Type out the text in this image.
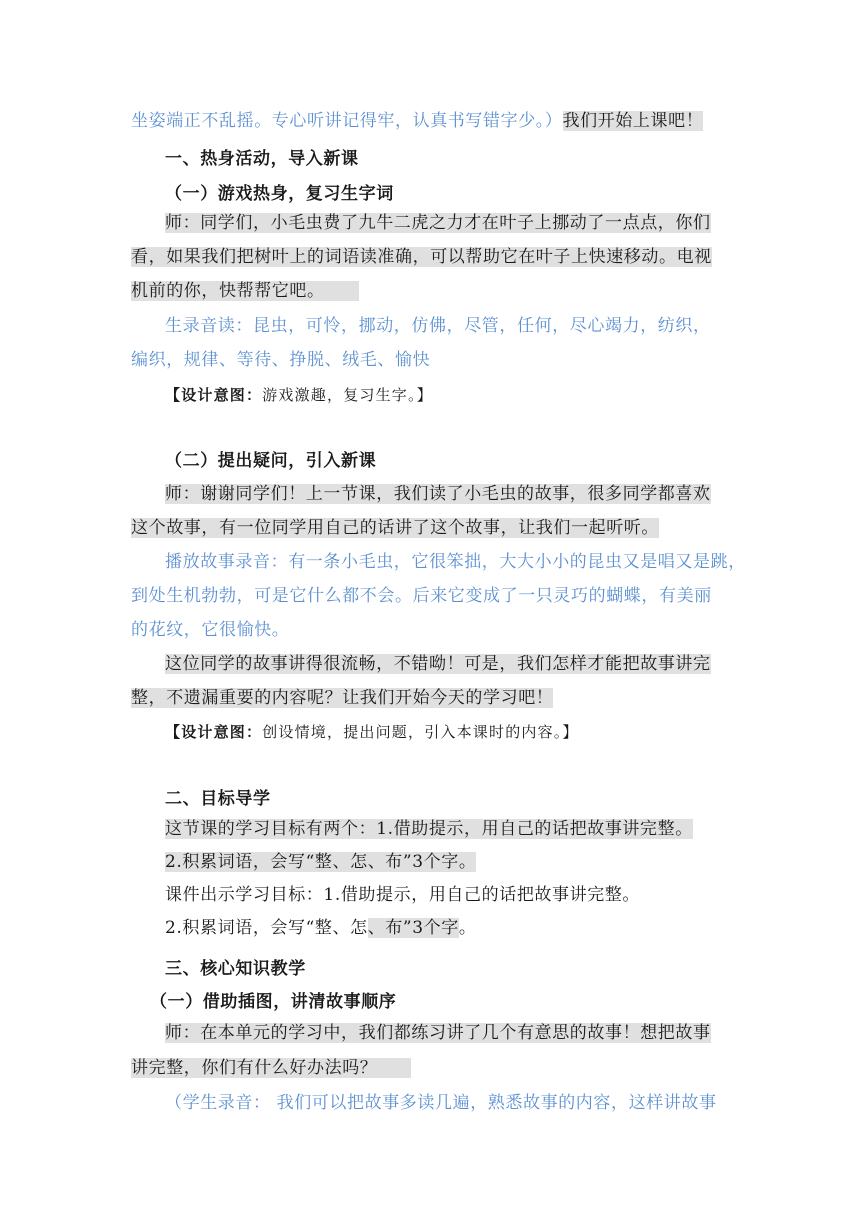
坐姿端正不乱摇。专心听讲记得牢，认真书写错字少。）我们开始上课吧！
一、热身活动，导入新课
（一）游戏热身，复习生字词
师：同学们，小毛虫费了九牛二虎之力才在叶子上挪动了一点点，你们
看，如果我们把树叶上的词语读准确，可以帮助它在叶子上快速移动。电视
机前的你，快帮帮它吧。
生录音读：昆虫，可怜，挪动，仿佛，尽管，任何，尽心竭力，纺织，
编织，规律、等待、挣脱、绒毛、愉快
【设计意图：游戏激趣，复习生字。】
（二）提出疑问，引入新课
师：谢谢同学们！上一节课，我们读了小毛虫的故事，很多同学都喜欢
这个故事，有一位同学用自己的话讲了这个故事，让我们一起听听。
播放故事录音：有一条小毛虫，它很笨拙，大大小小的昆虫又是唱又是跳，
到处生机勃勃，可是它什么都不会。后来它变成了一只灵巧的蝴蝶，有美丽
的花纹，它很愉快。
这位同学的故事讲得很流畅，不错呦！可是，我们怎样才能把故事讲完
整，不遗漏重要的内容呢？让我们开始今天的学习吧！
【设计意图：创设情境，提出问题，引入本课时的内容。】
二、目标导学
这节课的学习目标有两个：1.借助提示，用自己的话把故事讲完整。
2.积累词语，会写“整、怎、布”3个字。
课件出示学习目标：1.借助提示，用自己的话把故事讲完整。
2.积累词语，会写“整、怎、布”3个字。
三、核心知识教学
（一）借助插图，讲清故事顺序
师：在本单元的学习中，我们都练习讲了几个有意思的故事！想把故事
讲完整，你们有什么好办法吗？
（学生录音： 我们可以把故事多读几遍，熟悉故事的内容，这样讲故事
